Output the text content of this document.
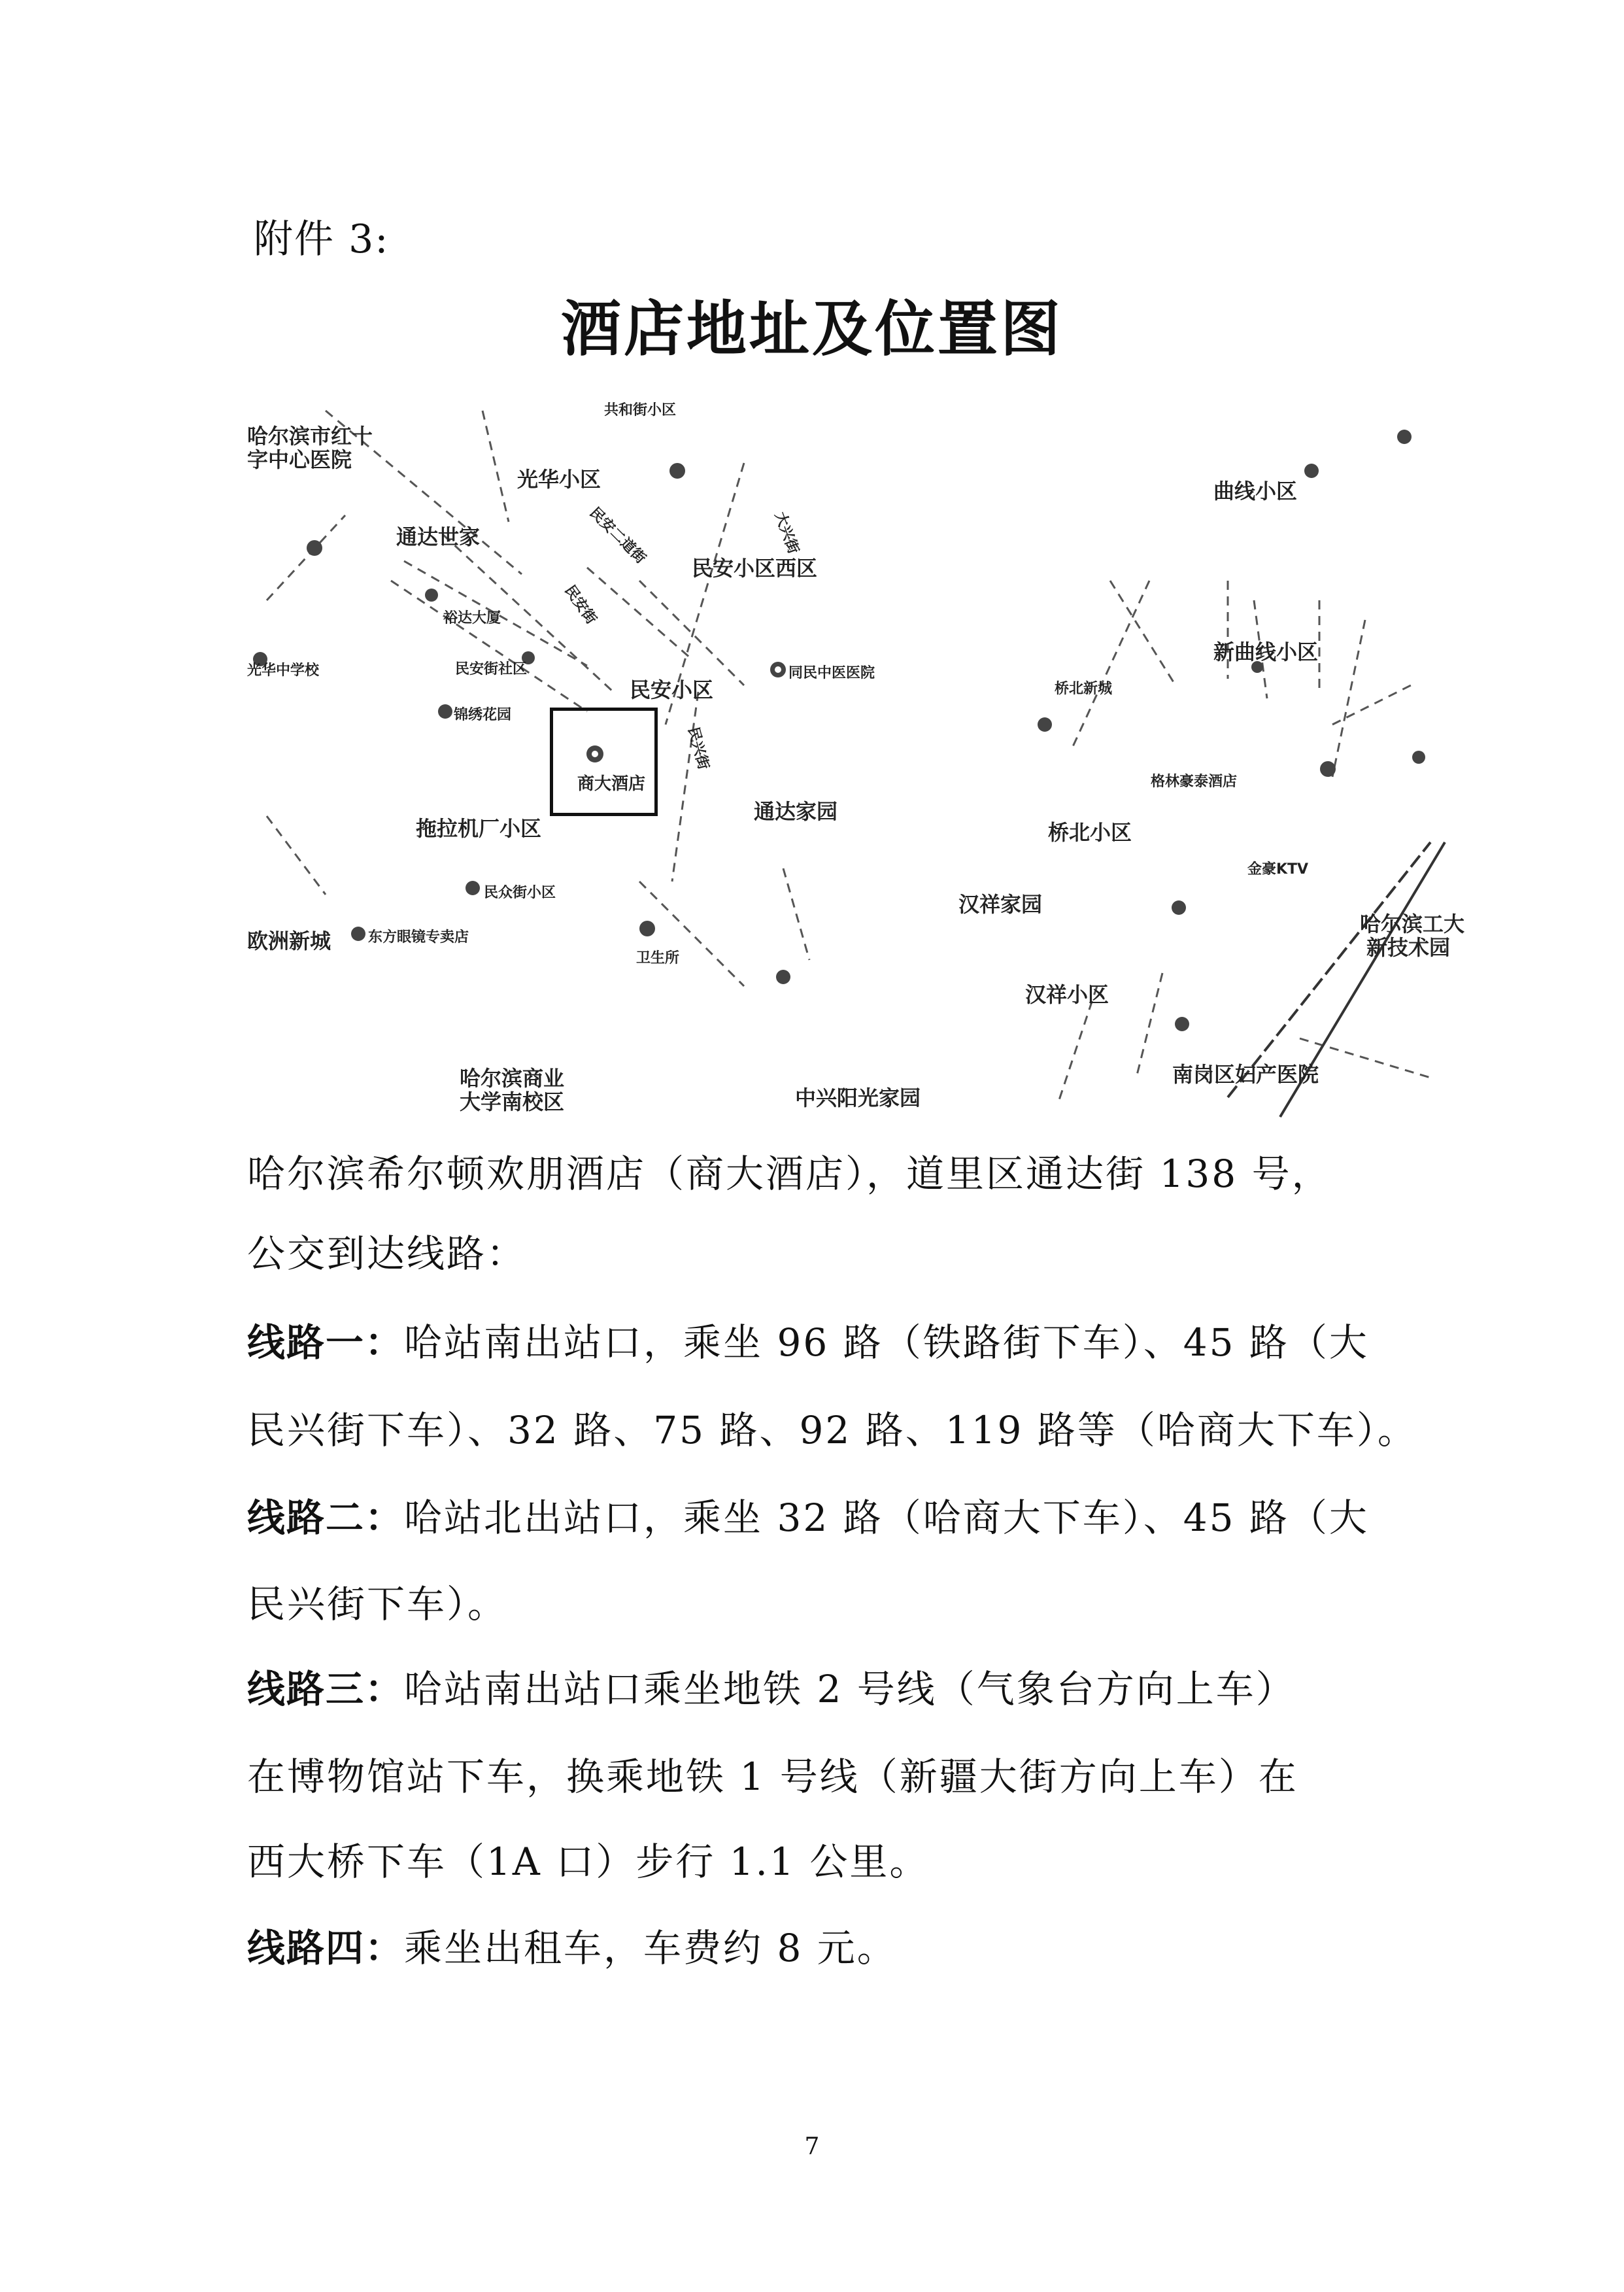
附件 3:
酒店地址及位置图
哈尔滨市红十
字中心医院
光华小区
共和街小区
民安小区西区
通达世家
裕达大厦
民安街社区
光华中学校
锦绣花园
民安小区
同民中医医院
商大酒店
拖拉机厂小区
通达家园
民众街小区
东方眼镜专卖店
卫生所
欧洲新城
汉祥家园
桥北小区
汉祥小区
哈尔滨商业
大学南校区	中兴阳光家园
曲线小区
新曲线小区
格林豪泰酒店
哈尔滨工大
新技术园
南岗区妇产医院
金豪KTV
桥北新城
民安街
民兴街
民安二道街	大兴街
哈尔滨希尔顿欢朋酒店（商大酒店），道里区通达街 138 号，
公交到达线路：
线路一：哈站南出站口，乘坐 96 路（铁路街下车）、45 路（大
民兴街下车）、32 路、75 路、92 路、119 路等（哈商大下车）。
线路二：哈站北出站口，乘坐 32 路（哈商大下车）、45 路（大
民兴街下车）。
线路三：哈站南出站口乘坐地铁 2 号线（气象台方向上车）
在博物馆站下车，换乘地铁 1 号线（新疆大街方向上车）在
西大桥下车（1A 口）步行 1.1 公里。
线路四：乘坐出租车，车费约 8 元。
7
